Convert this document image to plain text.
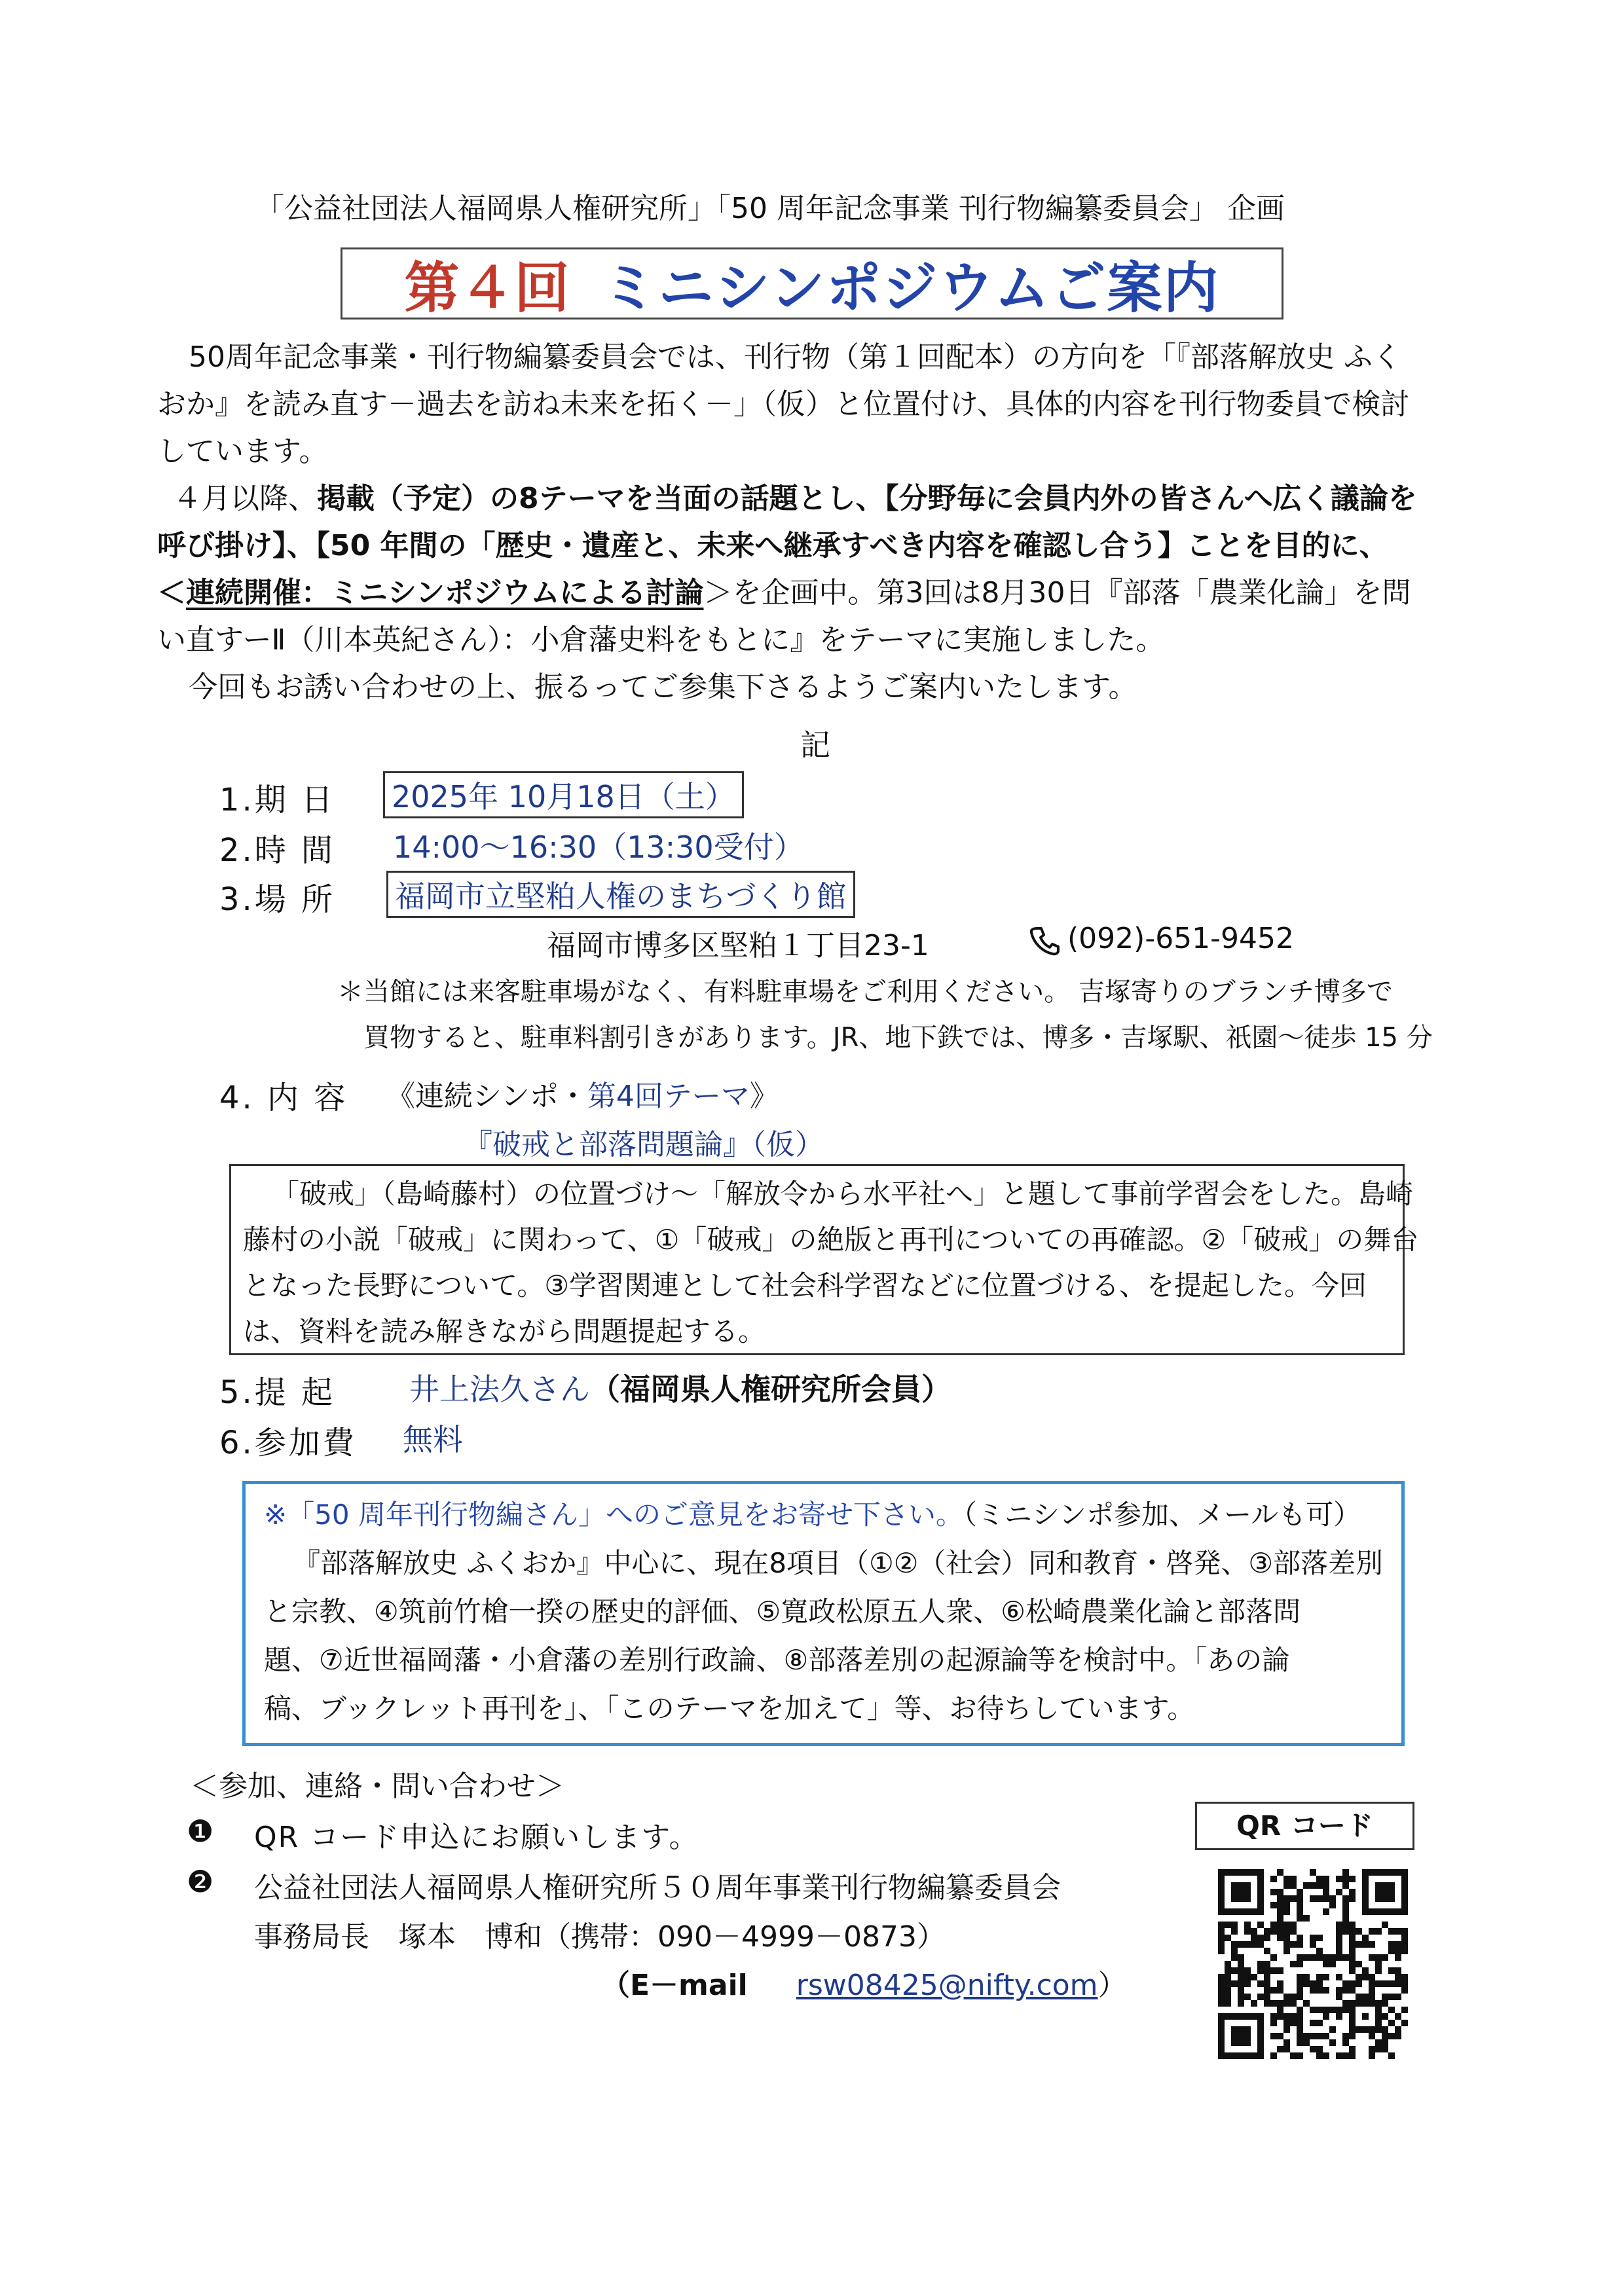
「公益社団法人福岡県人権研究所」「50 周年記念事業 刊行物編纂委員会」 企画
第４回 ミニシンポジウムご案内
50周年記念事業・刊行物編纂委員会では、刊行物（第１回配本）の方向を「『部落解放史 ふく
おか』を読み直す－過去を訪ね未来を拓く－」（仮）と位置付け、具体的内容を刊行物委員で検討
しています。
４月以降、掲載（予定）の8テーマを当面の話題とし、【分野毎に会員内外の皆さんへ広く議論を
呼び掛け】、【50 年間の「歴史・遺産と、未来へ継承すべき内容を確認し合う】ことを目的に、
＜連続開催：ミニシンポジウムによる討論＞を企画中。第3回は8月30日『部落「農業化論」を問
い直すーⅡ（川本英紀さん）：小倉藩史料をもとに』をテーマに実施しました。
今回もお誘い合わせの上、振るってご参集下さるようご案内いたします。
記
1.期 日 2025年 10月18日（土）
2.時 間 14:00～16:30（13:30受付）
3.場 所 福岡市立堅粕人権のまちづくり館
福岡市博多区堅粕１丁目23-1	(092)-651-9452
＊当館には来客駐車場がなく、有料駐車場をご利用ください。 吉塚寄りのブランチ博多で
買物すると、駐車料割引きがあります。JR、地下鉄では、博多・吉塚駅、祇園～徒歩 15 分
4. 内 容 《連続シンポ・第4回テーマ》
『破戒と部落問題論』（仮）
「破戒」（島崎藤村）の位置づけ～「解放令から水平社へ」と題して事前学習会をした。島崎
藤村の小説「破戒」に関わって、①「破戒」の絶版と再刊についての再確認。②「破戒」の舞台
となった長野について。③学習関連として社会科学習などに位置づける、を提起した。今回
は、資料を読み解きながら問題提起する。
5.提 起 井上法久さん（福岡県人権研究所会員）
6.参加費 無料
※「50 周年刊行物編さん」へのご意見をお寄せ下さい。（ミニシンポ参加、メールも可）
『部落解放史 ふくおか』中心に、現在8項目（①②（社会）同和教育・啓発、③部落差別
と宗教、④筑前竹槍一揆の歴史的評価、⑤寛政松原五人衆、⑥松崎農業化論と部落問
題、⑦近世福岡藩・小倉藩の差別行政論、⑧部落差別の起源論等を検討中。「あの論
稿、ブックレット再刊を」、「このテーマを加えて」等、お待ちしています。
＜参加、連絡・問い合わせ＞
❶ QR コード申込にお願いします。
❷ 公益社団法人福岡県人権研究所５０周年事業刊行物編纂委員会
事務局長　塚本　博和（携帯：090－4999－0873）
（E－mail rsw08425@nifty.com）
QR コード
